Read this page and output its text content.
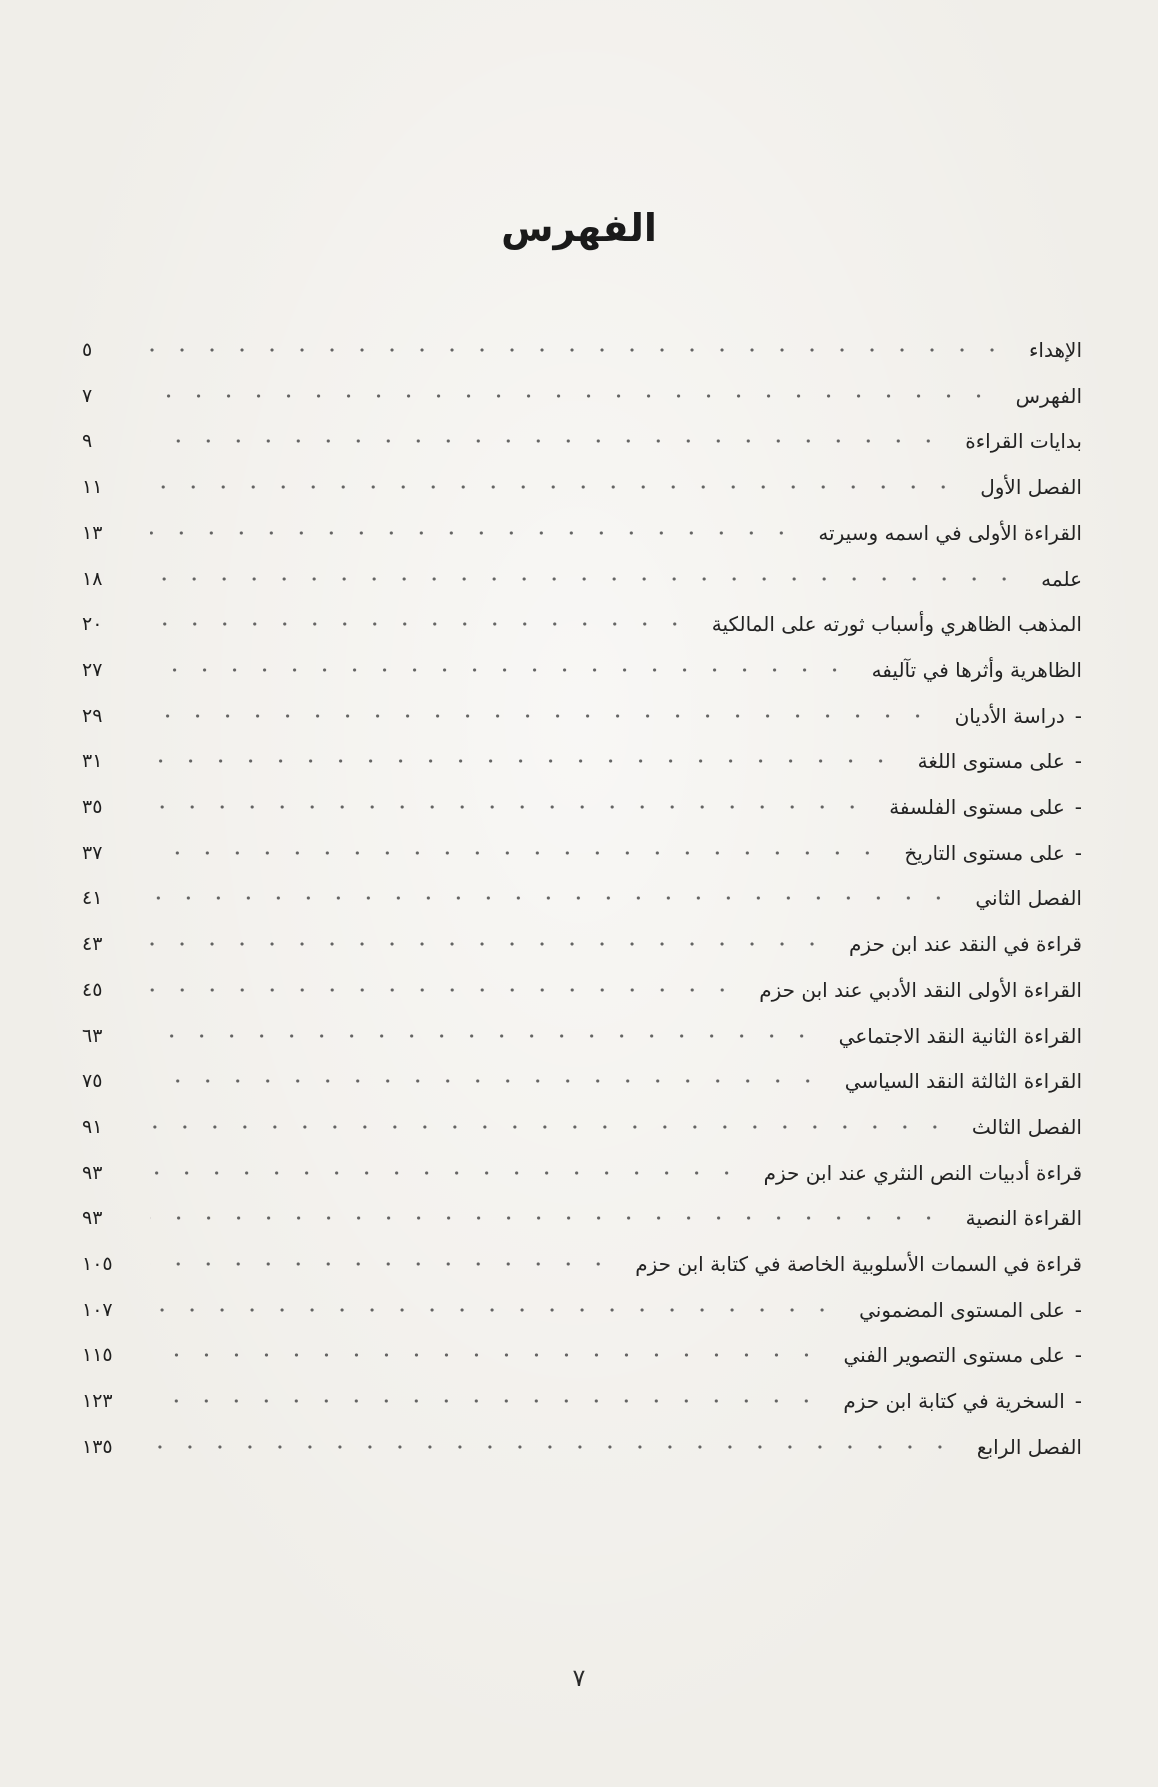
الفهرس
الإهداء
٥
الفهرس
٧
بدايات القراءة
٩
الفصل الأول
١١
القراءة الأولى في اسمه وسيرته
١٣
علمه
١٨
المذهب الظاهري وأسباب ثورته على المالكية
٢٠
الظاهرية وأثرها في تآليفه
٢٧
-دراسة الأديان
٢٩
-على مستوى اللغة
٣١
-على مستوى الفلسفة
٣٥
-على مستوى التاريخ
٣٧
الفصل الثاني
٤١
قراءة في النقد عند ابن حزم
٤٣
القراءة الأولى النقد الأدبي عند ابن حزم
٤٥
القراءة الثانية النقد الاجتماعي
٦٣
القراءة الثالثة النقد السياسي
٧٥
الفصل الثالث
٩١
قراءة أدبيات النص النثري عند ابن حزم
٩٣
القراءة النصية
٩٣
قراءة في السمات الأسلوبية الخاصة في كتابة ابن حزم
١٠٥
-على المستوى المضموني
١٠٧
-على مستوى التصوير الفني
١١٥
-السخرية في كتابة ابن حزم
١٢٣
الفصل الرابع
١٣٥
٧
